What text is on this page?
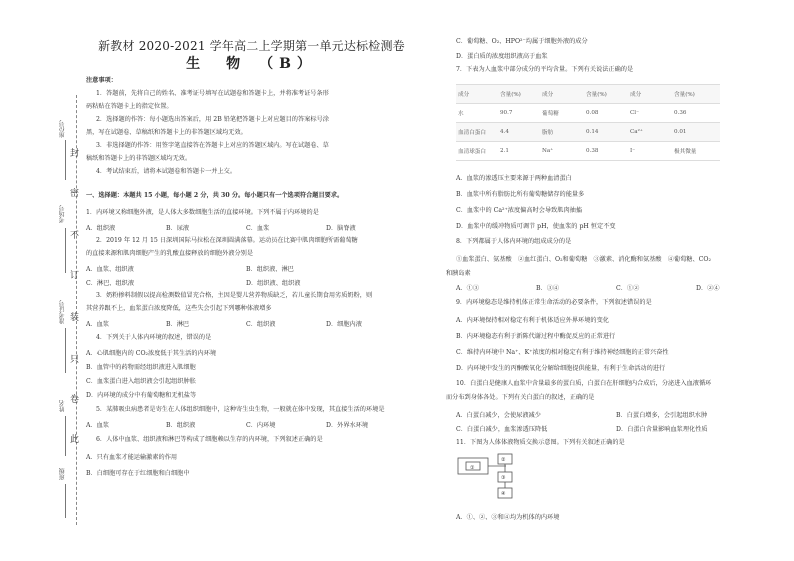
封
密
不
订
装
只
卷
此
座位号
考场号
准考证号
姓名
班级
新教材 2020-2021 学年高二上学期第一单元达标检测卷
生　物　（B）
注意事项：
1．答题前，先将自己的姓名、准考证号填写在试题卷和答题卡上，并将准考证号条形
码粘贴在答题卡上的指定位置。
2．选择题的作答：每小题选出答案后，用 2B 铅笔把答题卡上对应题目的答案标号涂
黑，写在试题卷、草稿纸和答题卡上的非答题区域均无效。
3．非选择题的作答：用签字笔直接答在答题卡上对应的答题区域内。写在试题卷、草
稿纸和答题卡上的非答题区域均无效。
4．考试结束后，请将本试题卷和答题卡一并上交。
一、选择题：本题共 15 小题，每小题 2 分，共 30 分。每小题只有一个选项符合题目要求。
1．内环境又称细胞外液，是人体大多数细胞生活的直接环境。下列不属于内环境的是
A．组织液	B．尿液	C．血浆	D．脑脊液
2．2019 年 12 月 15 日深圳国际马拉松在深圳圆满落幕。运动员在比赛中肌肉细胞所需葡萄糖
的直接来源和肌肉细胞产生的乳酸直接释放的细胞外液分别是
A．血浆、组织液	B．组织液、淋巴
C．淋巴、组织液	D．组织液、组织液
3．奶粉掺料制假以提高检测数值冒充合格，主因是婴儿营养物质缺乏，若儿童长期食用劣质奶粉，则
其营养跟不上，血浆蛋白浓度降低，这些失会引起下列哪种体液增多
A．血浆	B．淋巴	C．组织液	D．细胞内液
4．下列关于人体内环境的叙述，错误的是
A．心肌细胞内的 CO₂浓度低于其生活的内环境
B．血管中的药物需经组织液进入肌细胞
C．血浆蛋白进入组织液会引起组织肿胀
D．内环境的成分中有葡萄糖和无机盐等
5．某肺吸虫病患者是寄生在人体组织细胞中，这种寄生虫生物，一般就在体中发现，其直接生活的环境是
A．血浆	B．组织液	C．内环境	D．外界水环境
6．人体中血浆、组织液和淋巴等构成了细胞赖以生存的内环境，下列叙述正确的是
A．只有血浆才能运输激素的作用
B．白细胞可存在于红细胞和白细胞中
C．葡萄糖、O₂、HPO²⁻均属于细胞外液的成分
D．蛋白质的浓度组织液高于血浆
7．下表为人血浆中部分成分的平均含量。下列有关说法正确的是
成分	含量(%)	成分	含量(%)	成分	含量(%)
水	90.7	葡萄糖	0.08	Cl⁻	0.36
血清白蛋白	4.4	脂肪	0.14	Ca²⁺	0.01
血清球蛋白	2.1	Na⁺	0.38	I⁻	极其微量
A．血浆的渗透压主要来源于两种血清蛋白
B．血浆中所有脂肪比所有葡萄糖储存的能量多
C．血浆中的 Ca²⁺浓度偏高时会导致肌肉抽搐
D．血浆中的缓冲物质可调节 pH，使血浆的 pH 恒定不变
8．下列都属于人体内环境的组成成分的是
①血浆蛋白、氨基酸　②血红蛋白、O₂和葡萄糖　③激素、消化酶和氨基酸　④葡萄糖、CO₂
和胰岛素
A．①③	B．③④	C．①②	D．②④
9．内环境稳态是维持机体正常生命活动的必要条件，下列叙述错误的是
A．内环境保持相对稳定有利于机体适应外界环境的变化
B．内环境稳态有利于新陈代谢过程中酶促反应的正常进行
C．维持内环境中 Na⁺、K⁺浓度的相对稳定有利于维持神经细胞的正常兴奋性
D．内环境中发生的丙酮酸氧化分解给细胞提供能量，有利于生命活动的进行
10．白蛋白是健康人血浆中含量最多的蛋白质，白蛋白在肝细胞内合成后，分泌进入血液循环
而分布到身体各处。下列有关白蛋白的叙述，正确的是
A．白蛋白减少，会使尿液减少	B．白蛋白增多，会引起组织水肿
C．白蛋白减少，血浆渗透压降低	D．白蛋白含量影响血浆理化性质
11．下图为人体体液物质交换示意图。下列有关叙述正确的是
①
②
③
④
A．①、②、③和④均为机体的内环境
